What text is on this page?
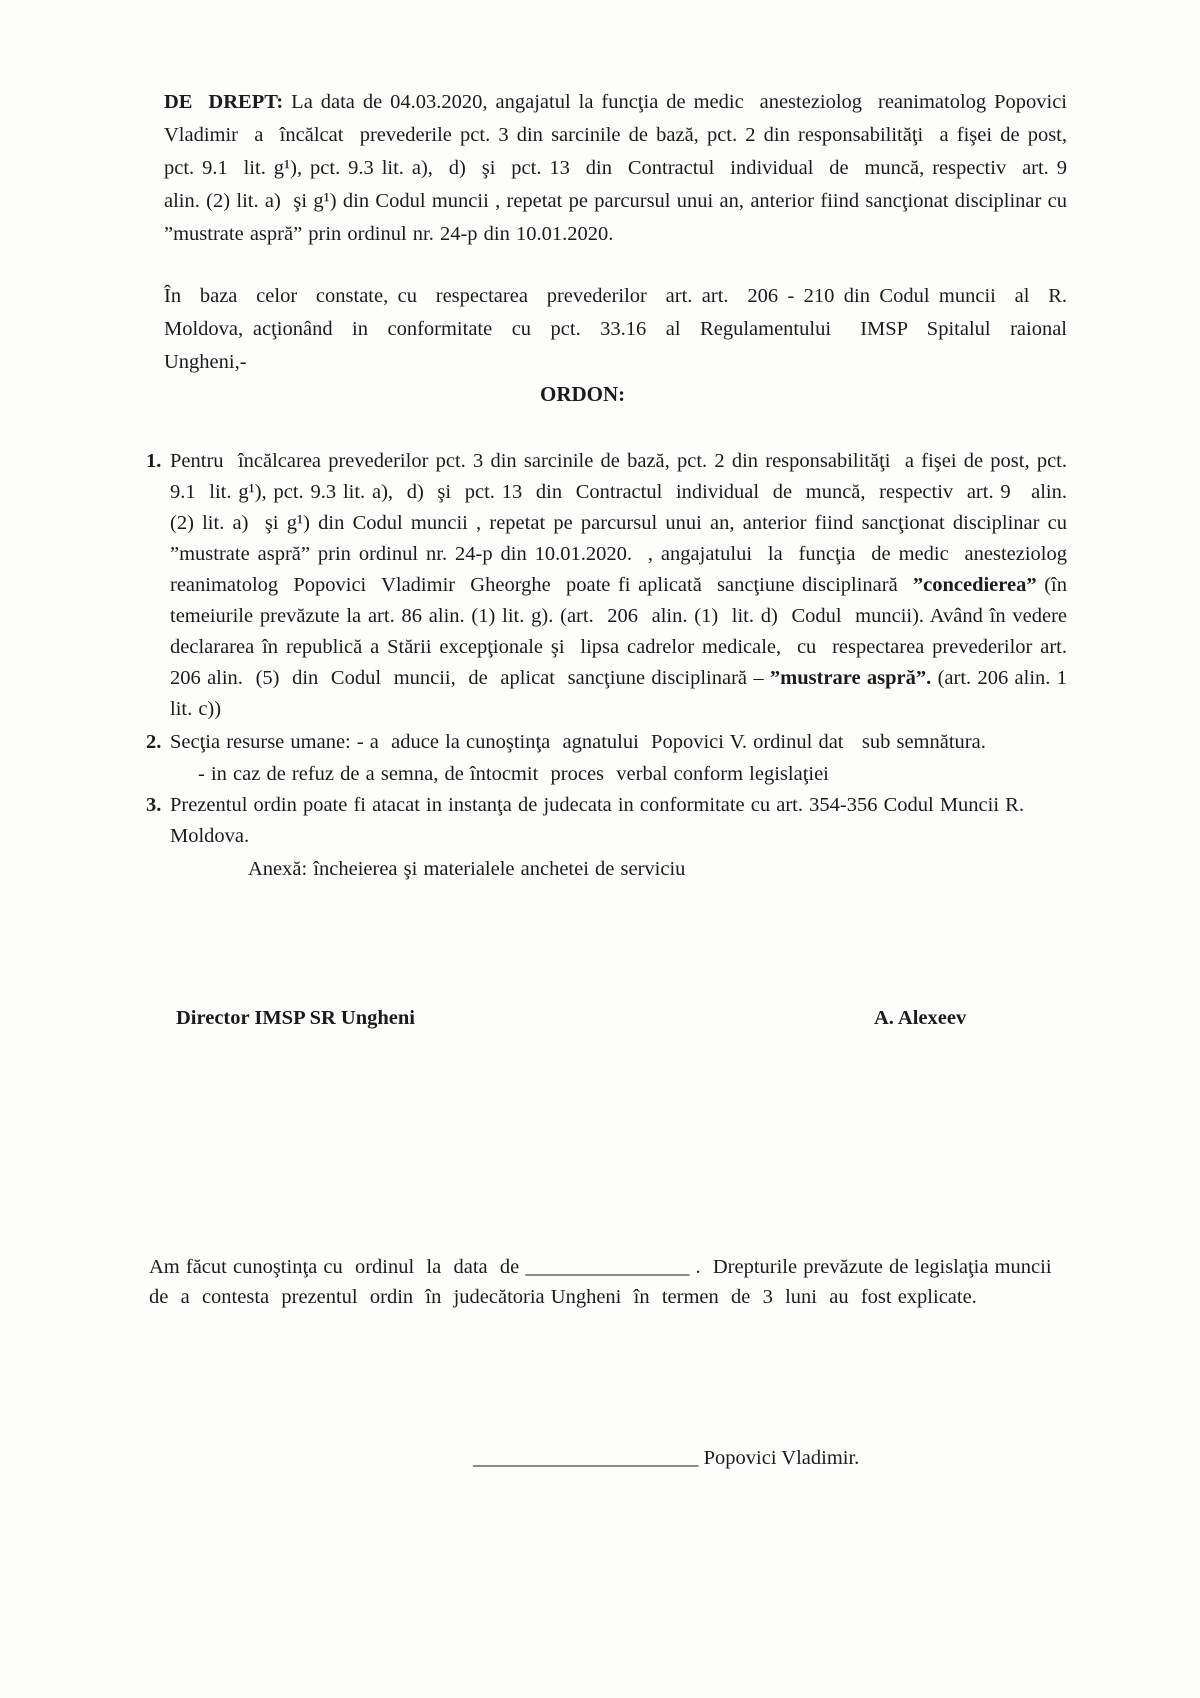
DE  DREPT: La data de 04.03.2020, angajatul la funcţia de medic  anesteziolog  reanimatolog Popovici  Vladimir  a  încălcat  prevederile pct. 3 din sarcinile de bază, pct. 2 din responsabilităţi  a fişei de post,    pct. 9.1  lit. g¹), pct. 9.3 lit. a),  d)  şi  pct. 13  din  Contractul  individual  de  muncă, respectiv  art. 9   alin. (2) lit. a)  şi g¹) din Codul muncii , repetat pe parcursul unui an, anterior fiind sancţionat disciplinar cu ”mustrate aspră” prin ordinul nr. 24-p din 10.01.2020.
În  baza  celor  constate, cu  respectarea  prevederilor  art. art.  206 - 210 din Codul muncii  al  R. Moldova, acţionând  in  conformitate  cu  pct.  33.16  al  Regulamentului   IMSP  Spitalul  raional Ungheni,-
ORDON:
1. Pentru  încălcarea prevederilor pct. 3 din sarcinile de bază, pct. 2 din responsabilităţi  a fişei de post, pct. 9.1  lit. g¹), pct. 9.3 lit. a),  d)  şi  pct. 13  din  Contractul  individual  de  muncă,  respectiv  art. 9   alin. (2) lit. a)  şi g¹) din Codul muncii , repetat pe parcursul unui an, anterior fiind sancţionat disciplinar cu ”mustrate aspră” prin ordinul nr. 24-p din 10.01.2020.  , angajatului  la  funcţia  de medic  anesteziolog  reanimatolog  Popovici  Vladimir  Gheorghe  poate fi aplicată  sancţiune disciplinară  ”concedierea” (în temeiurile prevăzute la art. 86 alin. (1) lit. g). (art.  206  alin. (1)  lit. d)  Codul  muncii). Având în vedere declararea în republică a Stării excepţionale şi  lipsa cadrelor medicale,  cu  respectarea prevederilor art.  206 alin.  (5)  din  Codul  muncii,  de  aplicat  sancţiune disciplinară – ”mustrare aspră”. (art. 206 alin. 1 lit. c))
2. Secţia resurse umane: - a  aduce la cunoştinţa  agnatului  Popovici V. ordinul dat   sub semnătura.
- in caz de refuz de a semna, de întocmit  proces  verbal conform legislaţiei
3. Prezentul ordin poate fi atacat in instanţa de judecata in conformitate cu art. 354-356 Codul Muncii R. Moldova.
Anexă: încheierea şi materialele anchetei de serviciu
Director IMSP SR Ungheni	A. Alexeev
Am făcut cunoştinţa cu  ordinul  la  data  de ________________ .  Drepturile prevăzute de legislaţia muncii  de  a  contesta  prezentul  ordin  în  judecătoria Ungheni  în  termen  de  3  luni  au  fost explicate.
______________________ Popovici Vladimir.
